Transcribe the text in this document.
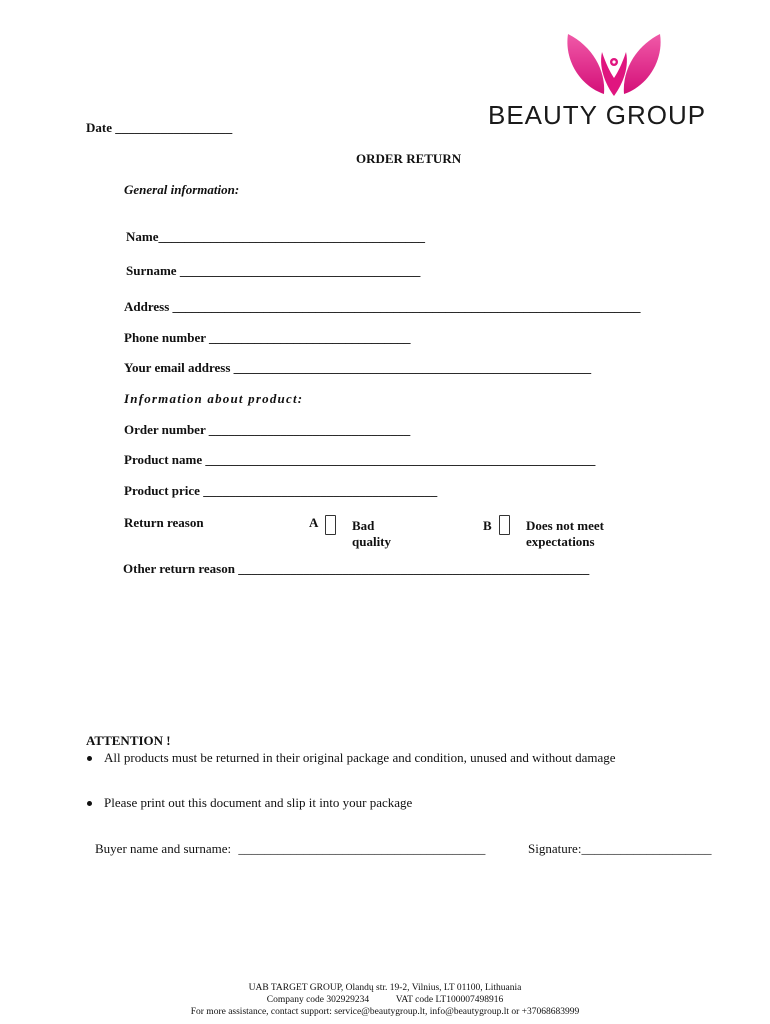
BEAUTY GROUP
Date __________________
ORDER RETURN
General information:
Name_________________________________________
Surname _____________________________________
Address ________________________________________________________________________
Phone number _______________________________
Your email address _______________________________________________________
Information about product:
Order number _______________________________
Product name ____________________________________________________________
Product price ____________________________________
Return reason	A	Bad
quality
B	Does not meet
expectations
Other return reason ______________________________________________________
ATTENTION !
All products must be returned in their original package and condition, unused and without damage
Please print out this document and slip it into your package
Buyer name and surname: ______________________________________	Signature:____________________
UAB TARGET GROUP, Olandų str. 19-2, Vilnius, LT 01100, Lithuania
Company code 302929234	VAT code LT100007498916
For more assistance, contact support: service@beautygroup.lt, info@beautygroup.lt or +37068683999
